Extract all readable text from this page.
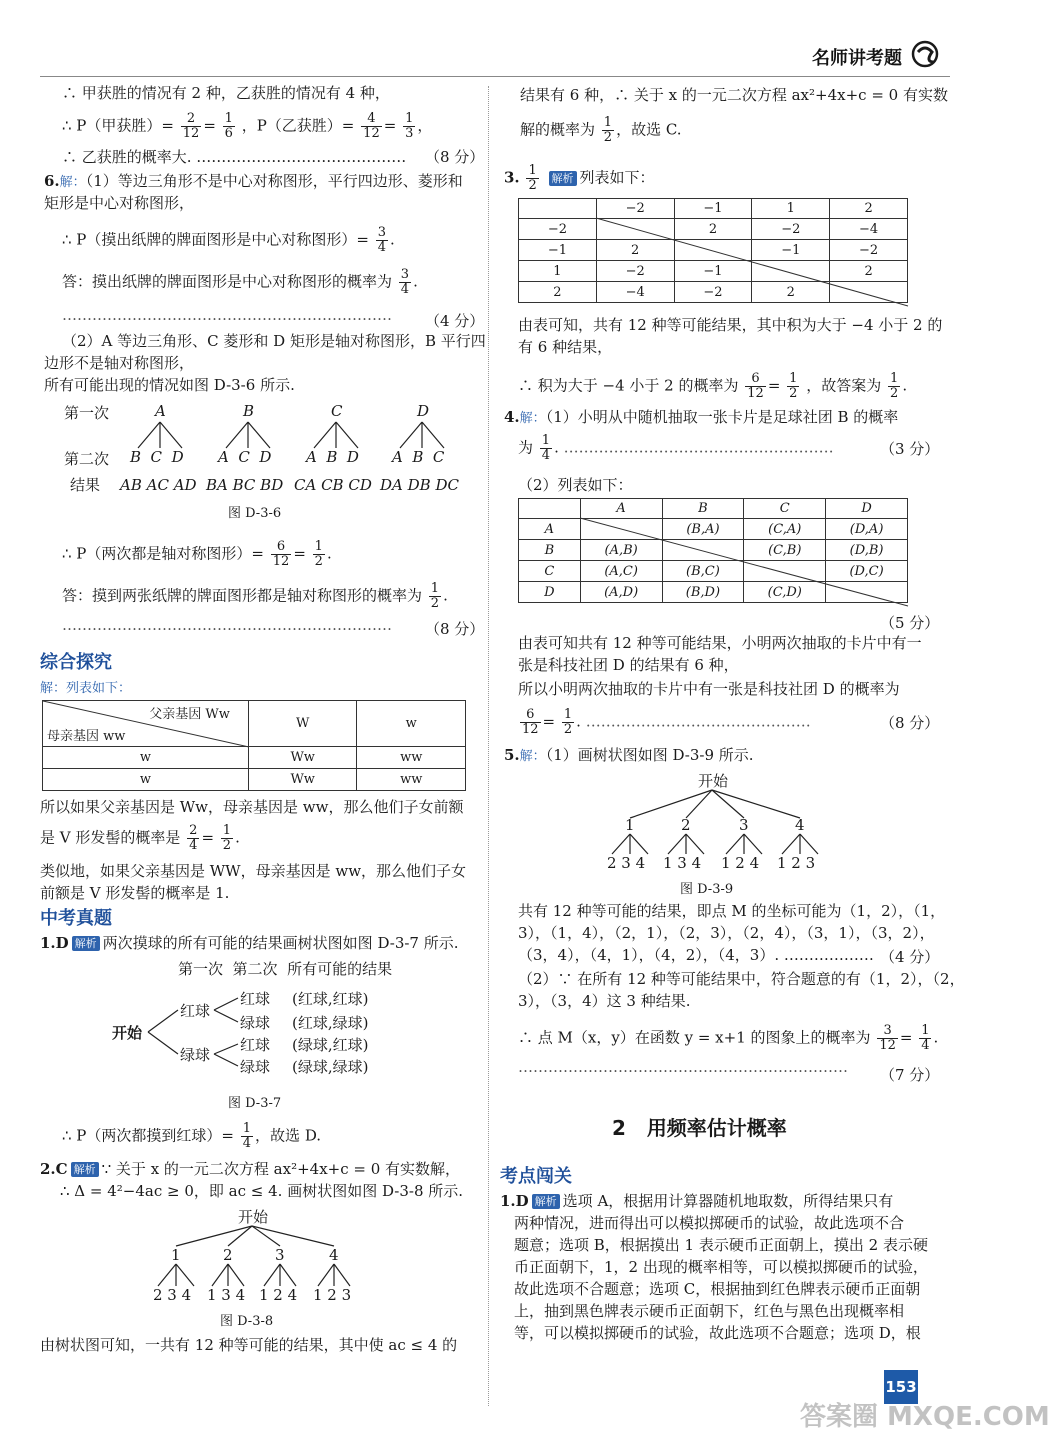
名师讲考题
∴ 甲获胜的情况有 2 种，乙获胜的情况有 4 种，
∴ P（甲获胜）= $\frac{2}{12} = \frac{1}{6}$ ，P（乙获胜）= $\frac{4}{12} = \frac{1}{3}$ ，
∴ 乙获胜的概率大. …………………………………… （8 分）
6.解：（1）等边三角形不是中心对称图形，平行四边形、菱形和
矩形是中心对称图形，
∴ P（摸出纸牌的牌面图形是中心对称图形）= $\frac{3}{4}$ .
答：摸出纸牌的牌面图形是中心对称图形的概率为 $\frac{3}{4}$ .
………………………………………………………… （4 分）
（2）A 等边三角形、C 菱形和 D 矩形是轴对称图形，B 平行四
边形不是轴对称图形，
所有可能出现的情况如图 D-3-6 所示.
第一次
第二次
结果
A	B	C	D
B  C  D A  C  D A  B  D A  B  C
AB AC AD BA BC BD CA CB CD DA DB DC
图 D-3-6
∴ P（两次都是轴对称图形）= $\frac{6}{12} = \frac{1}{2}$ .
答：摸到两张纸牌的牌面图形都是轴对称图形的概率为 $\frac{1}{2}$ .
………………………………………………………… （8 分）
综合探究
解：列表如下：
父亲基因 Ww
母亲基因 ww	W	w
w	Ww	ww
w	Ww	ww
所以如果父亲基因是 Ww，母亲基因是 ww，那么他们子女前额
是 V 形发髻的概率是 $\frac{2}{4} = \frac{1}{2}$ .
类似地，如果父亲基因是 WW，母亲基因是 ww，那么他们子女
前额是 V 形发髻的概率是 1.
中考真题
1.D 解析 两次摸球的所有可能的结果画树状图如图 D-3-7 所示.
第一次  第二次  所有可能的结果
开始
红球
绿球
红球
绿球
红球
绿球
(红球,红球)
(红球,绿球)
(绿球,红球)
(绿球,绿球)
图 D-3-7
∴ P（两次都摸到红球）= $\frac{1}{4}$ ，故选 D.
2.C 解析 ∵ 关于 x 的一元二次方程 ax²+4x+c = 0 有实数解，
∴ Δ = 4²−4ac ≥ 0，即 ac ≤ 4. 画树状图如图 D-3-8 所示.
开始
1	2	3	4
2 3 4 1 3 4 1 2 4 1 2 3
图 D-3-8
由树状图可知，一共有 12 种等可能的结果，其中使 ac ≤ 4 的
结果有 6 种，∴ 关于 x 的一元二次方程 ax²+4x+c = 0 有实数
解的概率为 $\frac{1}{2}$ ，故选 C.
3. $\frac{1}{2}$ 解析 列表如下：
	−2	−1	1	2
−2		2	−2	−4
−1	2		−1	−2
1	−2	−1		2
2	−4	−2	2	
由表可知，共有 12 种等可能结果，其中积为大于 −4 小于 2 的
有 6 种结果，
∴ 积为大于 −4 小于 2 的概率为 $\frac{6}{12} = \frac{1}{2}$ ，故答案为 $\frac{1}{2}$ .
4.解：（1）小明从中随机抽取一张卡片是足球社团 B 的概率
为 $\frac{1}{4}$ . ………………………………………………	（3 分）
（2）列表如下：
	A	B	C	D
A		(B,A)	(C,A)	(D,A)
B	(A,B)		(C,B)	(D,B)
C	(A,C)	(B,C)		(D,C)
D	(A,D)	(B,D)	(C,D)	
（5 分）
由表可知共有 12 种等可能结果，小明两次抽取的卡片中有一
张是科技社团 D 的结果有 6 种，
所以小明两次抽取的卡片中有一张是科技社团 D 的概率为
$\frac{6}{12} = \frac{1}{2}$ . ………………………………………	（8 分）
5.解：（1）画树状图如图 D-3-9 所示.
开始
1	2	3	4
2 3 4 1 3 4 1 2 4 1 2 3
图 D-3-9
共有 12 种等可能的结果，即点 M 的坐标可能为（1，2），（1，
3），（1，4），（2，1），（2，3），（2，4），（3，1），（3，2），
（3，4），（4，1），（4，2），（4，3）. ……………… （4 分）
（2）∵ 在所有 12 种等可能结果中，符合题意的有（1，2），（2，
3），（3，4）这 3 种结果.
∴ 点 M（x，y）在函数 y = x+1 的图象上的概率为 $\frac{3}{12} = \frac{1}{4}$ .
………………………………………………………… （7 分）
2 用频率估计概率
考点闯关
1.D 解析 选项 A，根据用计算器随机地取数，所得结果只有
两种情况，进而得出可以模拟掷硬币的试验，故此选项不合
题意；选项 B，根据摸出 1 表示硬币正面朝上，摸出 2 表示硬
币正面朝下，1，2 出现的概率相等，可以模拟掷硬币的试验，
故此选项不合题意；选项 C，根据抽到红色牌表示硬币正面朝
上，抽到黑色牌表示硬币正面朝下，红色与黑色出现概率相
等，可以模拟掷硬币的试验，故此选项不合题意；选项 D，根
153
答案圈 MXQE.COM
